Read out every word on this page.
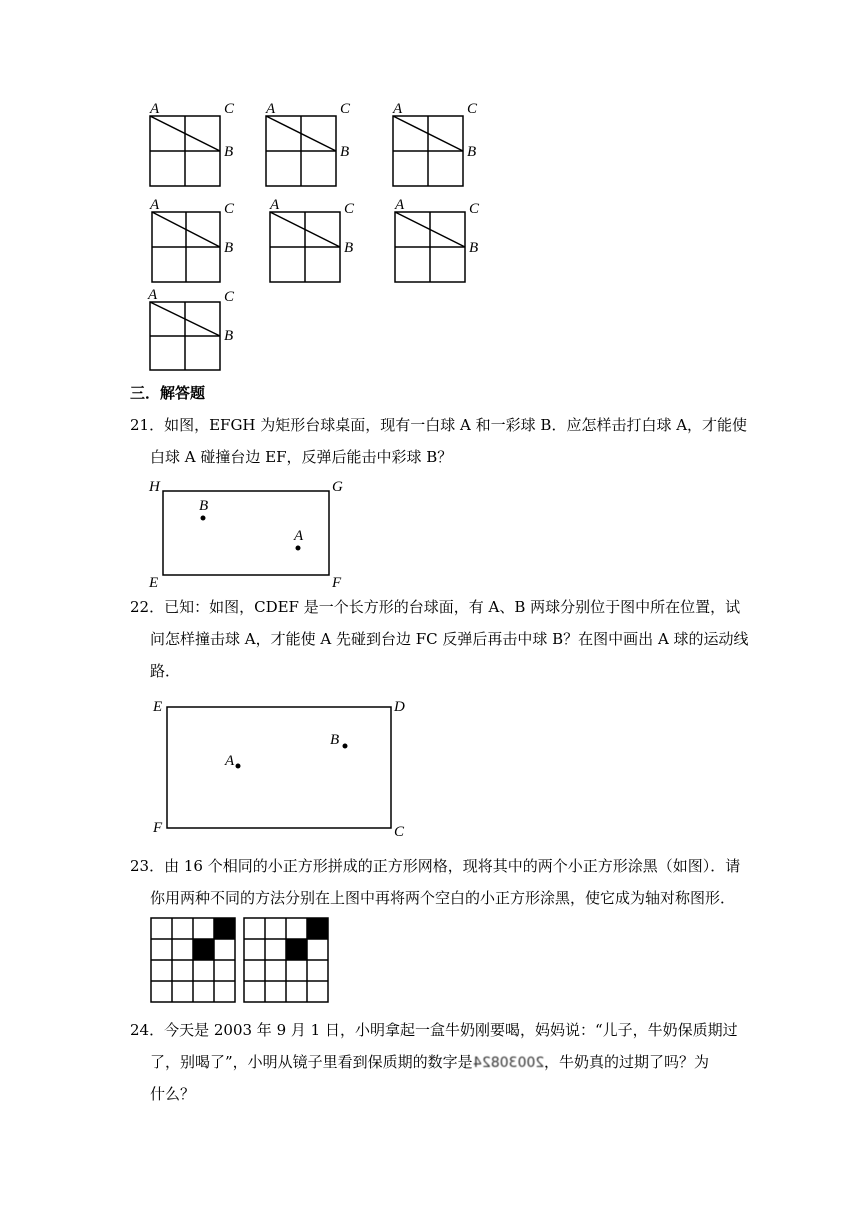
A	C
B
A	C
B
A	C
B
A	C
B
A	C
B
A	C
B
A	C
B
三．解答题
21．如图，EFGH 为矩形台球桌面，现有一白球 A 和一彩球 B．应怎样击打白球 A，才能使
白球 A 碰撞台边 EF，反弹后能击中彩球 B？
H	G
E	F
B
A
22．已知：如图，CDEF 是一个长方形的台球面，有 A、B 两球分别位于图中所在位置，试
问怎样撞击球 A，才能使 A 先碰到台边 FC 反弹后再击中球 B？在图中画出 A 球的运动线
路．
E	D
F	C
A
B
23．由 16 个相同的小正方形拼成的正方形网格，现将其中的两个小正方形涂黑（如图）．请
你用两种不同的方法分别在上图中再将两个空白的小正方形涂黑，使它成为轴对称图形．
24．今天是 2003 年 9 月 1 日，小明拿起一盒牛奶刚要喝，妈妈说：“儿子，牛奶保质期过
了，别喝了”，小明从镜子里看到保质期的数字是20030824，牛奶真的过期了吗？为
什么？
